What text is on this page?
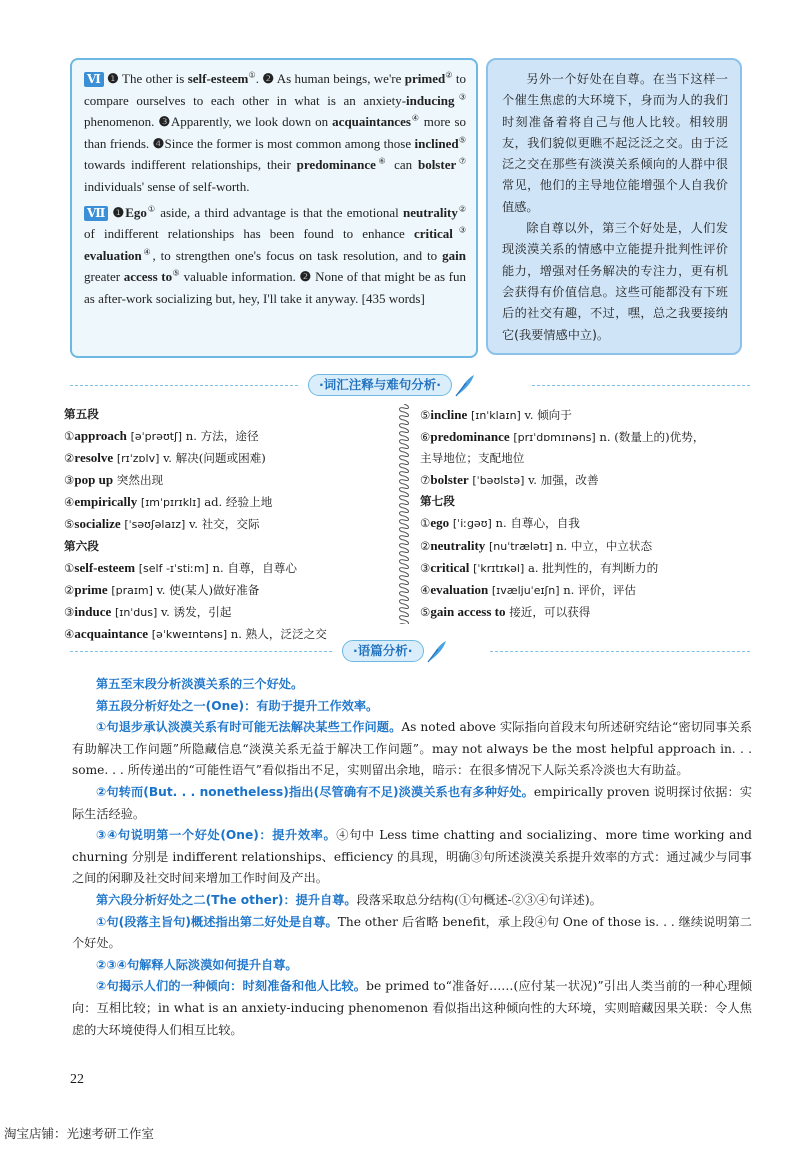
Ⅵ ❶ The other is self-esteem①. ❷ As human beings, we're primed② to compare ourselves to each other in what is an anxiety-inducing③ phenomenon. ❸Apparently, we look down on acquaintances④ more so than friends. ❹Since the former is most common among those inclined⑤ towards indifferent relationships, their predominance⑥ can bolster⑦ individuals' sense of self-worth.

Ⅶ ❶Ego① aside, a third advantage is that the emotional neutrality② of indifferent relationships has been found to enhance critical③ evaluation④, to strengthen one's focus on task resolution, and to gain greater access to⑤ valuable information. ❷ None of that might be as fun as after-work socializing but, hey, I'll take it anyway. [435 words]

另外一个好处在自尊。在当下这样一个催生焦虑的大环境下，身而为人的我们时刻准备着将自己与他人比较。相较朋友，我们貌似更瞧不起泛泛之交。由于泛泛之交在那些有淡漠关系倾向的人群中很常见，他们的主导地位能增强个人自我价值感。

除自尊以外，第三个好处是，人们发现淡漠关系的情感中立能提升批判性评价能力，增强对任务解决的专注力，更有机会获得有价值信息。这些可能都没有下班后的社交有趣，不过，嘿，总之我要接纳它(我要情感中立)。

·词汇注释与难句分析·
第五段
①approach [əˈprəʊtʃ] n. 方法，途径
②resolve [rɪˈzɒlv] v. 解决(问题或困难)
③pop up 突然出现
④empirically [ɪmˈpɪrɪklɪ] ad. 经验上地
⑤socialize [ˈsəʊʃəlaɪz] v. 社交，交际
第六段
①self-esteem [self -ɪˈstiːm] n. 自尊，自尊心
②prime [praɪm] v. 使(某人)做好准备
③induce [ɪnˈdus] v. 诱发，引起
④acquaintance [əˈkweɪntəns] n. 熟人，泛泛之交
⑤incline [ɪnˈklaɪn] v. 倾向于
⑥predominance [prɪˈdɒmɪnəns] n. (数量上的)优势，
主导地位；支配地位
⑦bolster [ˈbəʊlstə] v. 加强，改善
第七段
①ego [ˈiːgəʊ] n. 自尊心，自我
②neutrality [nuˈtrælətɪ] n. 中立，中立状态
③critical [ˈkrɪtɪkəl] a. 批判性的，有判断力的
④evaluation [ɪvæljuˈeɪʃn] n. 评价，评估
⑤gain access to 接近，可以获得
·语篇分析·

第五至末段分析淡漠关系的三个好处。

第五段分析好处之一(One)：有助于提升工作效率。

①句退步承认淡漠关系有时可能无法解决某些工作问题。As noted above 实际指向首段末句所述研究结论“密切同事关系有助解决工作问题”所隐藏信息“淡漠关系无益于解决工作问题”。may not always be the most helpful approach in. . . some. . . 所传递出的“可能性语气”看似指出不足，实则留出余地，暗示：在很多情况下人际关系冷淡也大有助益。

②句转而(But. . . nonetheless)指出(尽管确有不足)淡漠关系也有多种好处。empirically proven 说明探讨依据：实际生活经验。

③④句说明第一个好处(One)：提升效率。④句中 Less time chatting and socializing、more time working and churning 分别是 indifferent relationships、efficiency 的具现，明确③句所述淡漠关系提升效率的方式：通过减少与同事之间的闲聊及社交时间来增加工作时间及产出。

第六段分析好处之二(The other)：提升自尊。段落采取总分结构(①句概述-②③④句详述)。

①句(段落主旨句)概述指出第二好处是自尊。The other 后省略 benefit，承上段④句 One of those is. . . 继续说明第二个好处。

②③④句解释人际淡漠如何提升自尊。

②句揭示人们的一种倾向：时刻准备和他人比较。be primed to“准备好……(应付某一状况)”引出人类当前的一种心理倾向：互相比较；in what is an anxiety-inducing phenomenon 看似指出这种倾向性的大环境，实则暗藏因果关联：令人焦虑的大环境使得人们相互比较。

22
淘宝店铺：光速考研工作室
